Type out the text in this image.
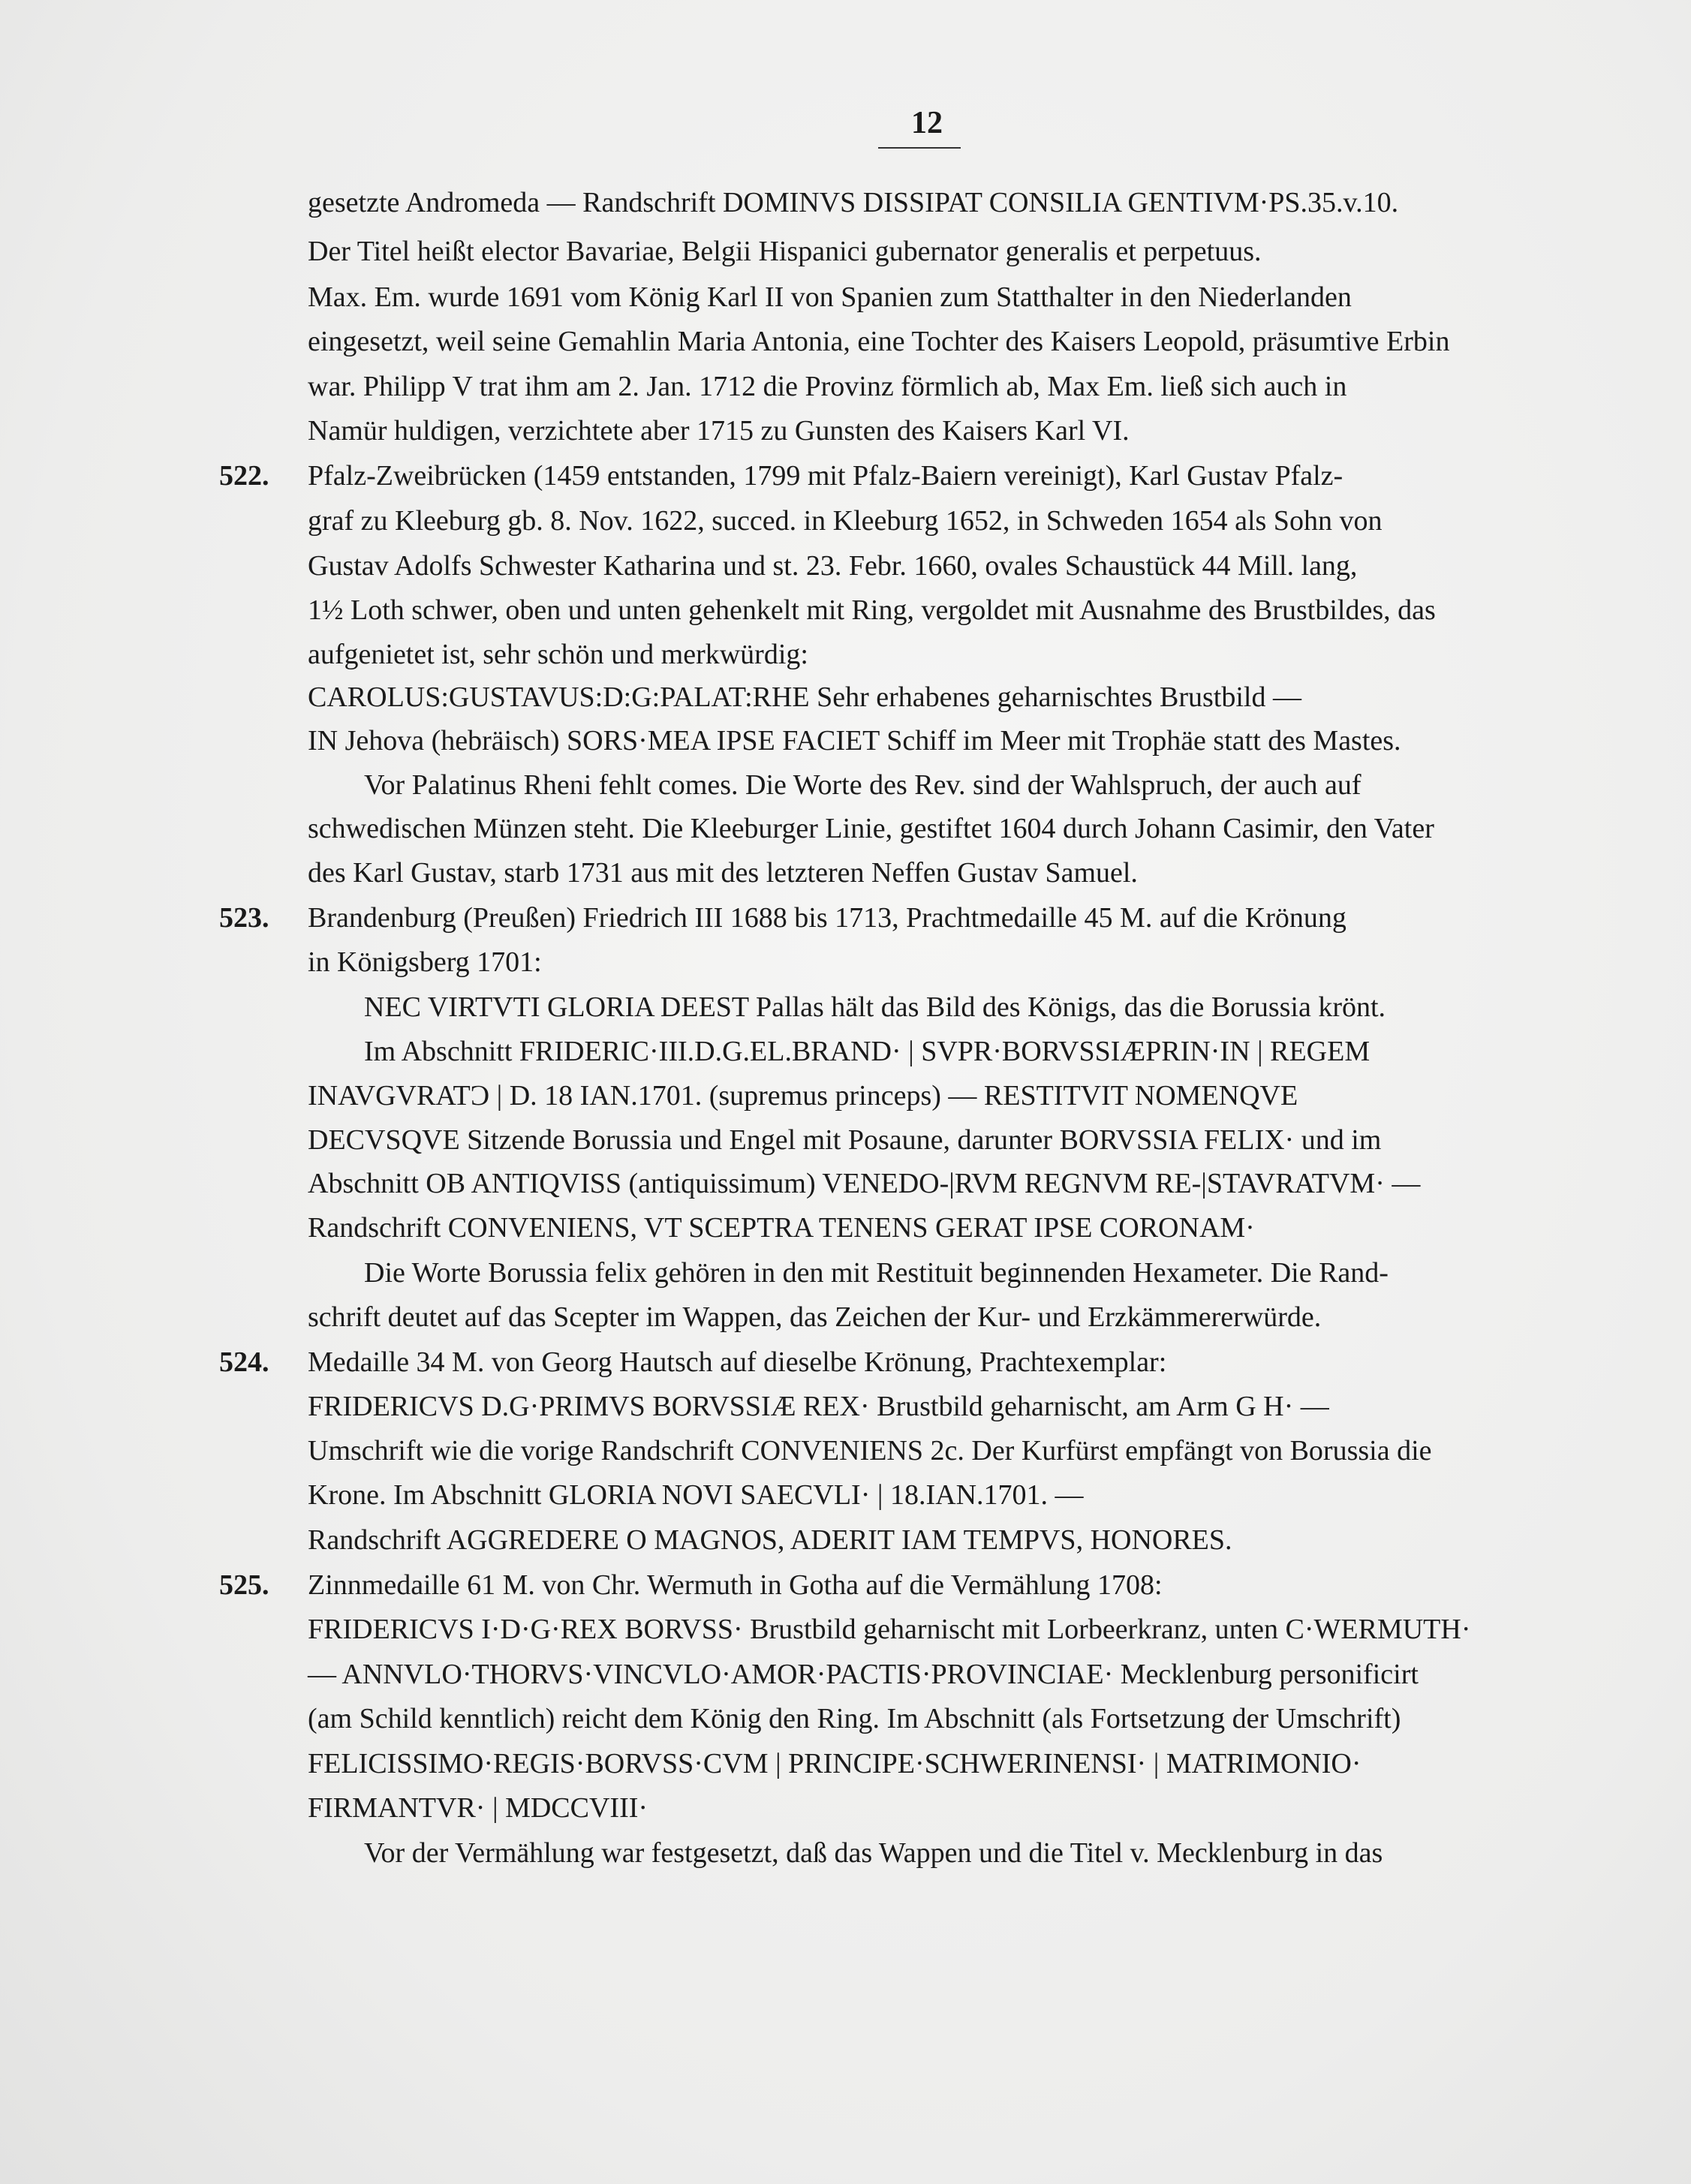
12
gesetzte Andromeda — Randschrift DOMINVS DISSIPAT CONSILIA GENTIVM·PS.35.v.10.
Der Titel heißt elector Bavariae, Belgii Hispanici gubernator generalis et perpetuus.
Max. Em. wurde 1691 vom König Karl II von Spanien zum Statthalter in den Niederlanden
eingesetzt, weil seine Gemahlin Maria Antonia, eine Tochter des Kaisers Leopold, präsumtive Erbin
war. Philipp V trat ihm am 2. Jan. 1712 die Provinz förmlich ab, Max Em. ließ sich auch in
Namür huldigen, verzichtete aber 1715 zu Gunsten des Kaisers Karl VI.
522. Pfalz-Zweibrücken (1459 entstanden, 1799 mit Pfalz-Baiern vereinigt), Karl Gustav Pfalz-
graf zu Kleeburg gb. 8. Nov. 1622, succed. in Kleeburg 1652, in Schweden 1654 als Sohn von
Gustav Adolfs Schwester Katharina und st. 23. Febr. 1660, ovales Schaustück 44 Mill. lang,
1½ Loth schwer, oben und unten gehenkelt mit Ring, vergoldet mit Ausnahme des Brustbildes, das
aufgenietet ist, sehr schön und merkwürdig:
CAROLUS:GUSTAVUS:D:G:PALAT:RHE Sehr erhabenes geharnischtes Brustbild —
IN Jehova (hebräisch) SORS·MEA IPSE FACIET Schiff im Meer mit Trophäe statt des Mastes.
Vor Palatinus Rheni fehlt comes. Die Worte des Rev. sind der Wahlspruch, der auch auf
schwedischen Münzen steht. Die Kleeburger Linie, gestiftet 1604 durch Johann Casimir, den Vater
des Karl Gustav, starb 1731 aus mit des letzteren Neffen Gustav Samuel.
523. Brandenburg (Preußen) Friedrich III 1688 bis 1713, Prachtmedaille 45 M. auf die Krönung
in Königsberg 1701:
NEC VIRTVTI GLORIA DEEST Pallas hält das Bild des Königs, das die Borussia krönt.
Im Abschnitt FRIDERIC·III.D.G.EL.BRAND· | SVPR·BORVSSIÆPRIN·IN | REGEM
INAVGVRATƆ | D. 18 IAN.1701. (supremus princeps) — RESTITVIT NOMENQVE
DECVSQVE Sitzende Borussia und Engel mit Posaune, darunter BORVSSIA FELIX· und im
Abschnitt OB ANTIQVISS (antiquissimum) VENEDO-|RVM REGNVM RE-|STAVRATVM· —
Randschrift CONVENIENS, VT SCEPTRA TENENS GERAT IPSE CORONAM·
Die Worte Borussia felix gehören in den mit Restituit beginnenden Hexameter. Die Rand-
schrift deutet auf das Scepter im Wappen, das Zeichen der Kur- und Erzkämmererwürde.
524. Medaille 34 M. von Georg Hautsch auf dieselbe Krönung, Prachtexemplar:
FRIDERICVS D.G·PRIMVS BORVSSIÆ REX· Brustbild geharnischt, am Arm G H· —
Umschrift wie die vorige Randschrift CONVENIENS 2c. Der Kurfürst empfängt von Borussia die
Krone. Im Abschnitt GLORIA NOVI SAECVLI· | 18.IAN.1701. —
Randschrift AGGREDERE O MAGNOS, ADERIT IAM TEMPVS, HONORES.
525. Zinnmedaille 61 M. von Chr. Wermuth in Gotha auf die Vermählung 1708:
FRIDERICVS I·D·G·REX BORVSS· Brustbild geharnischt mit Lorbeerkranz, unten C·WERMUTH·
— ANNVLO·THORVS·VINCVLO·AMOR·PACTIS·PROVINCIAE· Mecklenburg personificirt
(am Schild kenntlich) reicht dem König den Ring. Im Abschnitt (als Fortsetzung der Umschrift)
FELICISSIMO·REGIS·BORVSS·CVM | PRINCIPE·SCHWERINENSI· | MATRIMONIO·
FIRMANTVR· | MDCCVIII·
Vor der Vermählung war festgesetzt, daß das Wappen und die Titel v. Mecklenburg in das
